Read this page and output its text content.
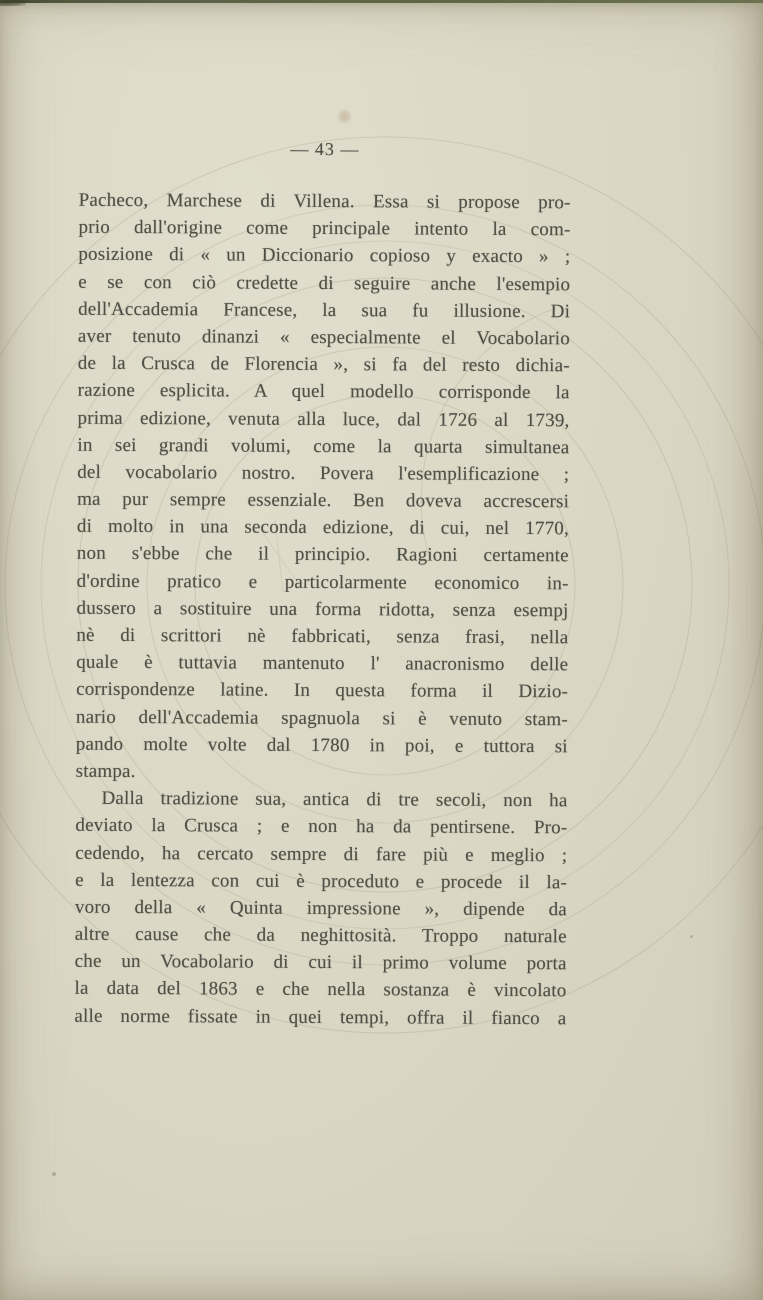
— 43 —
Pacheco, Marchese di Villena. Essa si propose pro-
prio dall'origine come principale intento la com-
posizione di « un Diccionario copioso y exacto » ;
e se con ciò credette di seguire anche l'esempio
dell'Accademia Francese, la sua fu illusione. Di
aver tenuto dinanzi « especialmente el Vocabolario
de la Crusca de Florencia », si fa del resto dichia-
razione esplicita. A quel modello corrisponde la
prima edizione, venuta alla luce, dal 1726 al 1739,
in sei grandi volumi, come la quarta simultanea
del vocabolario nostro. Povera l'esemplificazione ;
ma pur sempre essenziale. Ben doveva accrescersi
di molto in una seconda edizione, di cui, nel 1770,
non s'ebbe che il principio. Ragioni certamente
d'ordine pratico e particolarmente economico in-
dussero a sostituire una forma ridotta, senza esempj
nè di scrittori nè fabbricati, senza frasi, nella
quale è tuttavia mantenuto l' anacronismo delle
corrispondenze latine. In questa forma il Dizio-
nario dell'Accademia spagnuola si è venuto stam-
pando molte volte dal 1780 in poi, e tuttora si
stampa.
Dalla tradizione sua, antica di tre secoli, non ha
deviato la Crusca ; e non ha da pentirsene. Pro-
cedendo, ha cercato sempre di fare più e meglio ;
e la lentezza con cui è proceduto e procede il la-
voro della « Quinta impressione », dipende da
altre cause che da neghittosità. Troppo naturale
che un Vocabolario di cui il primo volume porta
la data del 1863 e che nella sostanza è vincolato
alle norme fissate in quei tempi, offra il fianco a
